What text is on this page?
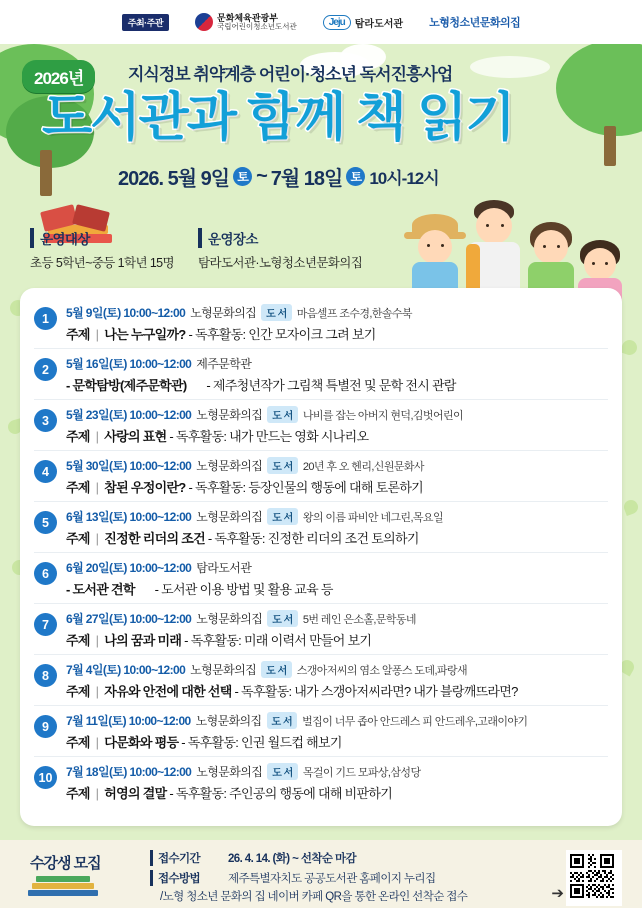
주최·주관	문화체육관광부
국립어린이청소년도서관	Jeju	탐라도서관 노형청소년문화의집
2026년	지식정보 취약계층 어린이·청소년 독서진흥사업
도서관과 함께 책 읽기
2026. 5월 9일 토 ~ 7월 18일 토 10시-12시
운영대상
초등 5학년~중등 1학년 15명
운영장소
탐라도서관·노형청소년문화의집
1	5월 9일(토) 10:00~12:00 노형문화의집	도 서 마음셀프 조수경,한솔수북
주제 | 나는 누구일까? - 독후활동: 인간 모자이크 그려 보기
2	5월 16일(토) 10:00~12:00 제주문학관
- 문학탐방(제주문학관) - 제주청년작가 그림책 특별전 및 문학 전시 관람
3	5월 23일(토) 10:00~12:00 노형문화의집	도 서 나비를 잡는 아버지 현덕,김벗어린이
주제 | 사랑의 표현 - 독후활동: 내가 만드는 영화 시나리오
4	5월 30일(토) 10:00~12:00 노형문화의집	도 서 20년 후 오 헨리,신원문화사
주제 | 참된 우정이란? - 독후활동: 등장인물의 행동에 대해 토론하기
5	6월 13일(토) 10:00~12:00 노형문화의집	도 서 왕의 이름 파비안 네그린,목요일
주제 | 진정한 리더의 조건 - 독후활동: 진정한 리더의 조건 토의하기
6	6월 20일(토) 10:00~12:00 탐라도서관
- 도서관 견학 - 도서관 이용 방법 및 활용 교육 등
7	6월 27일(토) 10:00~12:00 노형문화의집	도 서 5번 레인 은소홀,문학동네
주제 | 나의 꿈과 미래 - 독후활동: 미래 이력서 만들어 보기
8	7월 4일(토) 10:00~12:00 노형문화의집	도 서 스갱아저씨의 염소 알퐁스 도데,파랑새
주제 | 자유와 안전에 대한 선택 - 독후활동: 내가 스갱아저씨라면? 내가 블랑깨뜨라면?
9	7월 11일(토) 10:00~12:00 노형문화의집	도 서 벌집이 너무 좁아 안드레스 피 안드레우,고래이야기
주제 | 다문화와 평등 - 독후활동: 인권 월드컵 해보기
10	7월 18일(토) 10:00~12:00 노형문화의집	도 서 목걸이 기드 모파상,삼성당
주제 | 허영의 결말 - 독후활동: 주인공의 행동에 대해 비판하기
수강생 모집	접수기간 26. 4. 14. (화) ~ 선착순 마감
접수방법 제주특별자치도 공공도서관 홈페이지 누리집
/노형 청소년 문화의 집 네이버 카페 QR을 통한 온라인 선착순 접수	➔
